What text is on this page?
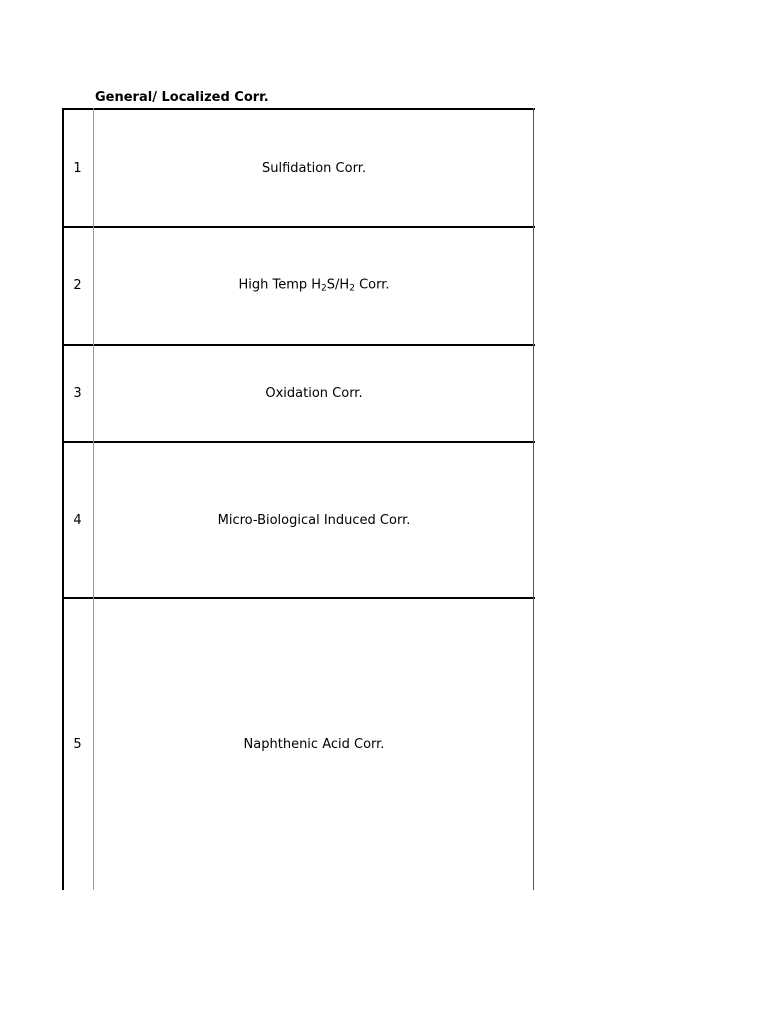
General/ Localized Corr.
1	Sulfidation Corr.
2	High Temp $H_2S/H_2$ Corr.
3	Oxidation Corr.
4	Micro-Biological Induced Corr.
5	Naphthenic Acid Corr.
